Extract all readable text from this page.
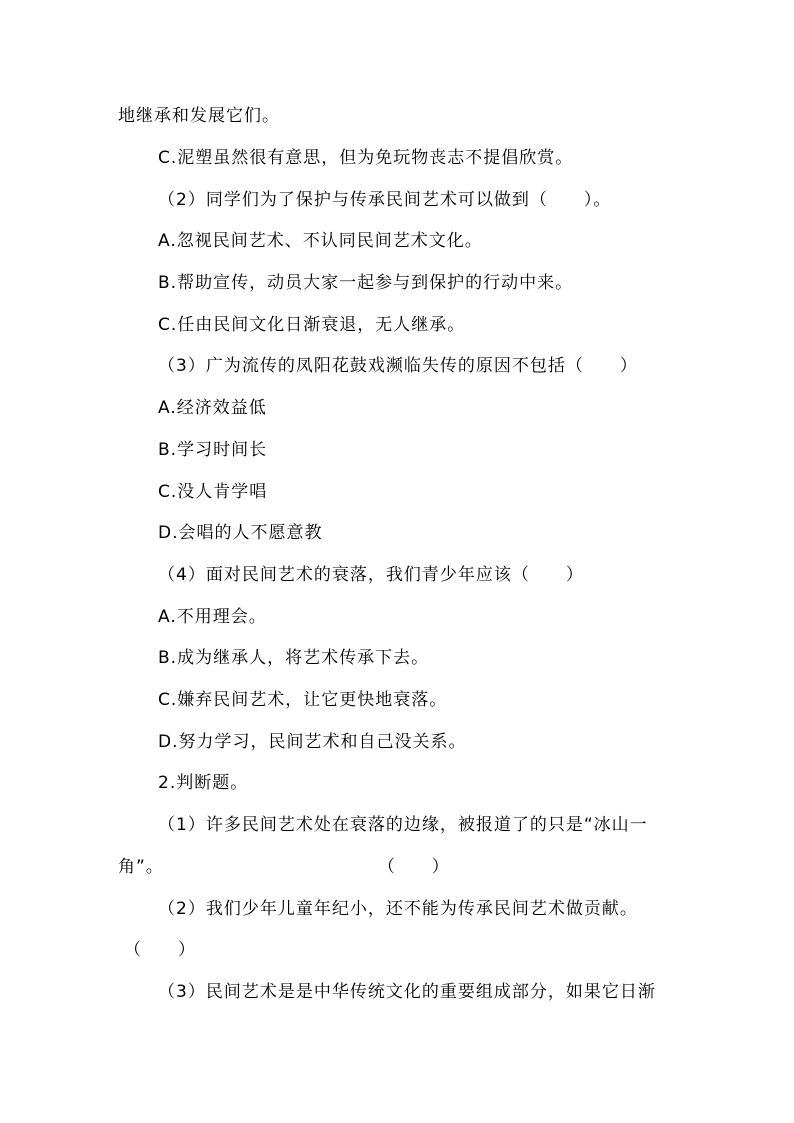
地继承和发展它们。
C.泥塑虽然很有意思，但为免玩物丧志不提倡欣赏。
（2）同学们为了保护与传承民间艺术可以做到（　　）。
A.忽视民间艺术、不认同民间艺术文化。
B.帮助宣传，动员大家一起参与到保护的行动中来。
C.任由民间文化日渐衰退，无人继承。
（3）广为流传的凤阳花鼓戏濒临失传的原因不包括（　　）
A.经济效益低
B.学习时间长
C.没人肯学唱
D.会唱的人不愿意教
（4）面对民间艺术的衰落，我们青少年应该（　　）
A.不用理会。
B.成为继承人，将艺术传承下去。
C.嫌弃民间艺术，让它更快地衰落。
D.努力学习，民间艺术和自己没关系。
2.判断题。
（1）许多民间艺术处在衰落的边缘，被报道了的只是“冰山一
角”。	（　　）
（2）我们少年儿童年纪小，还不能为传承民间艺术做贡献。
（　　）
（3）民间艺术是是中华传统文化的重要组成部分，如果它日渐
